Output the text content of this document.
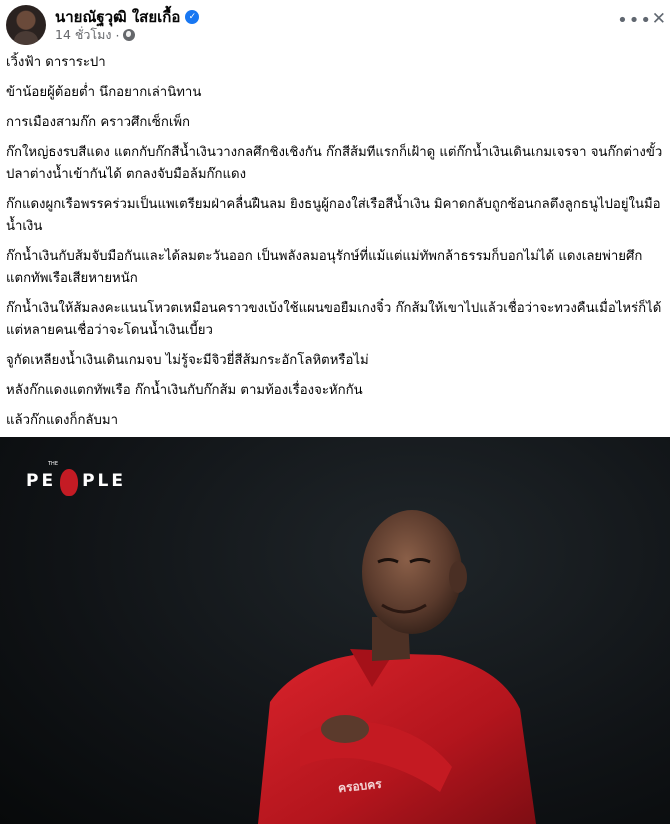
นายณัฐวุฒิ ใสยเกื้อ ✓
14 ชั่วโมง ·
••• ✕

เวิ้งฟ้า ดาราระปา

ข้าน้อยผู้ต้อยต่ำ นึกอยากเล่านิทาน

การเมืองสามก๊ก คราวศึกเซ็กเพ็ก

ก๊กใหญ่ธงรบสีแดง แตกกับก๊กสีน้ำเงินวางกลศึกชิงเชิงกัน ก๊กสีส้มทีแรกก็เฝ้าดู แต่ก๊กน้ำเงินเดินเกมเจรจา จนก๊กต่างขั้วปลาต่างน้ำเข้ากันได้ ตกลงจับมือล้มก๊กแดง

ก๊กแดงผูกเรือพรรคร่วมเป็นแพเตรียมฝ่าคลื่นฝืนลม ยิงธนูผู้กองใส่เรือสีน้ำเงิน มิคาดกลับถูกซ้อนกลตึงลูกธนูไปอยู่ในมือน้ำเงิน

ก๊กน้ำเงินกับส้มจับมือกันและได้ลมตะวันออก เป็นพลังลมอนุรักษ์ที่แม้แต่แม่ทัพกล้าธรรมก็บอกไม่ได้ แดงเลยพ่ายศึกแตกทัพเรือเสียหายหนัก

ก๊กน้ำเงินให้ส้มลงคะแนนโหวตเหมือนคราวขงเบ้งใช้แผนขอยืมเกงจิ๋ว ก๊กส้มให้เขาไปแล้วเชื่อว่าจะทวงคืนเมื่อไหร่ก็ได้ แต่หลายคนเชื่อว่าจะโดนน้ำเงินเบี้ยว

จูกัดเหลียงน้ำเงินเดินเกมจบ ไม่รู้จะมีจิวยี่สีส้มกระอักโลหิตหรือไม่

หลังก๊กแดงแตกทัพเรือ ก๊กน้ำเงินกับก๊กส้ม ตามท้องเรื่องจะหักกัน

แล้วก๊กแดงก็กลับมา

THE
PE PLE
ครอบคร
